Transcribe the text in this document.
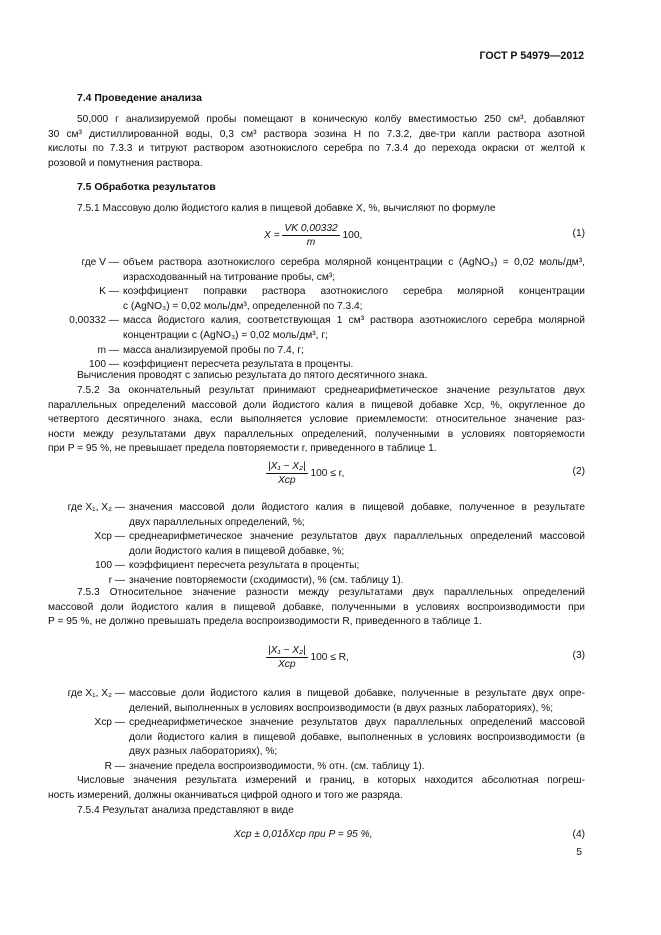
ГОСТ Р 54979—2012
7.4 Проведение анализа
50,000 г анализируемой пробы помещают в коническую колбу вместимостью 250 см³, добавляют
30 см³ дистиллированной воды, 0,3 см³ раствора эозина Н по 7.3.2, две-три капли раствора азотной
кислоты по 7.3.3 и титруют раствором азотнокислого серебра по 7.3.4 до перехода окраски от желтой к
розовой и помутнения раствора.
7.5 Обработка результатов
7.5.1 Массовую долю йодистого калия в пищевой добавке X, %, вычисляют по формуле
$X = \frac{VK 0,00332}{m} 100$,	(1)
где V — объем раствора азотнокислого серебра молярной концентрации c (AgNO₃) = 0,02 моль/дм³,
израсходованный на титрование пробы, см³;
K — коэффициент поправки раствора азотнокислого серебра молярной концентрации
c (AgNO₃) = 0,02 моль/дм³, определенной по 7.3.4;
0,00332 — масса йодистого калия, соответствующая 1 см³ раствора азотнокислого серебра молярной
концентрации c (AgNO₃) = 0,02 моль/дм³, г;
m — масса анализируемой пробы по 7.4, г;
100 — коэффициент пересчета результата в проценты.
Вычисления проводят с записью результата до пятого десятичного знака.
7.5.2 За окончательный результат принимают среднеарифметическое значение результатов двух
параллельных определений массовой доли йодистого калия в пищевой добавке Xср, %, округленное до
четвертого десятичного знака, если выполняется условие приемлемости: относительное значение раз-
ности между результатами двух параллельных определений, полученными в условиях повторяемости
при P = 95 %, не превышает предела повторяемости r, приведенного в таблице 1.
$\frac{\text{|X₁ − X₂|}}{\text{Xср}} 100 \le r$,	(2)
где X₁, X₂ — значения массовой доли йодистого калия в пищевой добавке, полученное в результате
двух параллельных определений, %;
Xср — среднеарифметическое значение результатов двух параллельных определений массовой
доли йодистого калия в пищевой добавке, %;
100 — коэффициент пересчета результата в проценты;
r — значение повторяемости (сходимости), % (см. таблицу 1).
7.5.3 Относительное значение разности между результатами двух параллельных определений
массовой доли йодистого калия в пищевой добавке, полученными в условиях воспроизводимости при
P = 95 %, не должно превышать предела воспроизводимости R, приведенного в таблице 1.
$\frac{\text{|X₁ − X₂|}}{\text{Xср}} 100 \le R$,	(3)
где X₁, X₂ — массовые доли йодистого калия в пищевой добавке, полученные в результате двух опре-
делений, выполненных в условиях воспроизводимости (в двух разных лабораториях), %;
Xср — среднеарифметическое значение результатов двух параллельных определений массовой
доли йодистого калия в пищевой добавке, выполненных в условиях воспроизводимости (в
двух разных лабораториях), %;
R — значение предела воспроизводимости, % отн. (см. таблицу 1).
Числовые значения результата измерений и границ, в которых находится абсолютная погреш-
ность измерений, должны оканчиваться цифрой одного и того же разряда.
7.5.4 Результат анализа представляют в виде
Xср ± 0,01δXср при P = 95 %,	(4)
5
